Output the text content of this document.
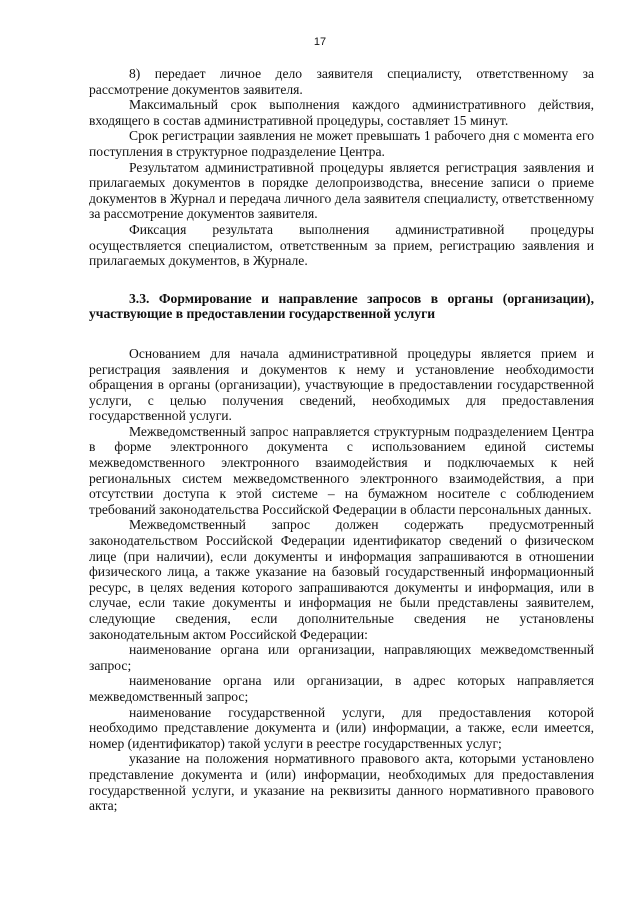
17

8) передает личное дело заявителя специалисту, ответственному за рассмотрение документов заявителя.

Максимальный срок выполнения каждого административного действия, входящего в состав административной процедуры, составляет 15 минут.

Срок регистрации заявления не может превышать 1 рабочего дня с момента его поступления в структурное подразделение Центра.

Результатом административной процедуры является регистрация заявления и прилагаемых документов в порядке делопроизводства, внесение записи о приеме документов в Журнал и передача личного дела заявителя специалисту, ответственному за рассмотрение документов заявителя.

Фиксация результата выполнения административной процедуры осуществляется специалистом, ответственным за прием, регистрацию заявления и прилагаемых документов, в Журнале.

3.3. Формирование и направление запросов в органы (организации), участвующие в предоставлении государственной услуги

Основанием для начала административной процедуры является прием и регистрация заявления и документов к нему и установление необходимости обращения в органы (организации), участвующие в предоставлении государственной услуги, с целью получения сведений, необходимых для предоставления государственной услуги.

Межведомственный запрос направляется структурным подразделением Центра в форме электронного документа с использованием единой системы межведомственного электронного взаимодействия и подключаемых к ней региональных систем межведомственного электронного взаимодействия, а при отсутствии доступа к этой системе – на бумажном носителе с соблюдением требований законодательства Российской Федерации в области персональных данных.

Межведомственный запрос должен содержать предусмотренный законодательством Российской Федерации идентификатор сведений о физическом лице (при наличии), если документы и информация запрашиваются в отношении физического лица, а также указание на базовый государственный информационный ресурс, в целях ведения которого запрашиваются документы и информация, или в случае, если такие документы и информация не были представлены заявителем, следующие сведения, если дополнительные сведения не установлены законодательным актом Российской Федерации:

наименование органа или организации, направляющих межведомственный запрос;

наименование органа или организации, в адрес которых направляется межведомственный запрос;

наименование государственной услуги, для предоставления которой необходимо представление документа и (или) информации, а также, если имеется, номер (идентификатор) такой услуги в реестре государственных услуг;

указание на положения нормативного правового акта, которыми установлено представление документа и (или) информации, необходимых для предоставления государственной услуги, и указание на реквизиты данного нормативного правового акта;
